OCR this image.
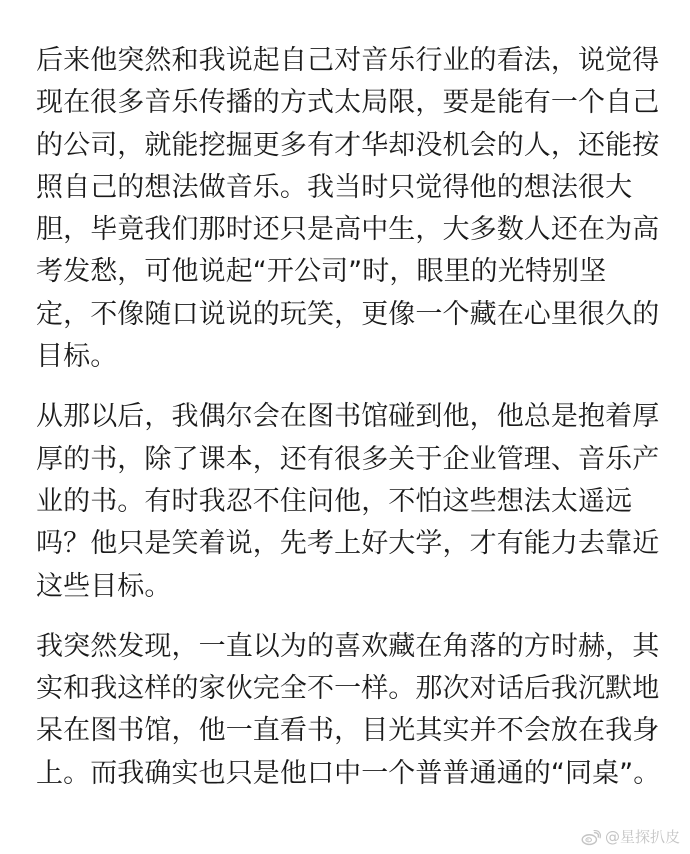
后来他突然和我说起自己对音乐行业的看法，说觉得
现在很多音乐传播的方式太局限，要是能有一个自己
的公司，就能挖掘更多有才华却没机会的人，还能按
照自己的想法做音乐。我当时只觉得他的想法很大
胆，毕竟我们那时还只是高中生，大多数人还在为高
考发愁，可他说起“开公司”时，眼里的光特别坚
定，不像随口说说的玩笑，更像一个藏在心里很久的
目标。

从那以后，我偶尔会在图书馆碰到他，他总是抱着厚
厚的书，除了课本，还有很多关于企业管理、音乐产
业的书。有时我忍不住问他，不怕这些想法太遥远
吗？他只是笑着说，先考上好大学，才有能力去靠近
这些目标。

我突然发现，一直以为的喜欢藏在角落的方时赫，其
实和我这样的家伙完全不一样。那次对话后我沉默地
呆在图书馆，他一直看书，目光其实并不会放在我身
上。而我确实也只是他口中一个普普通通的“同桌”。

@星探扒皮
